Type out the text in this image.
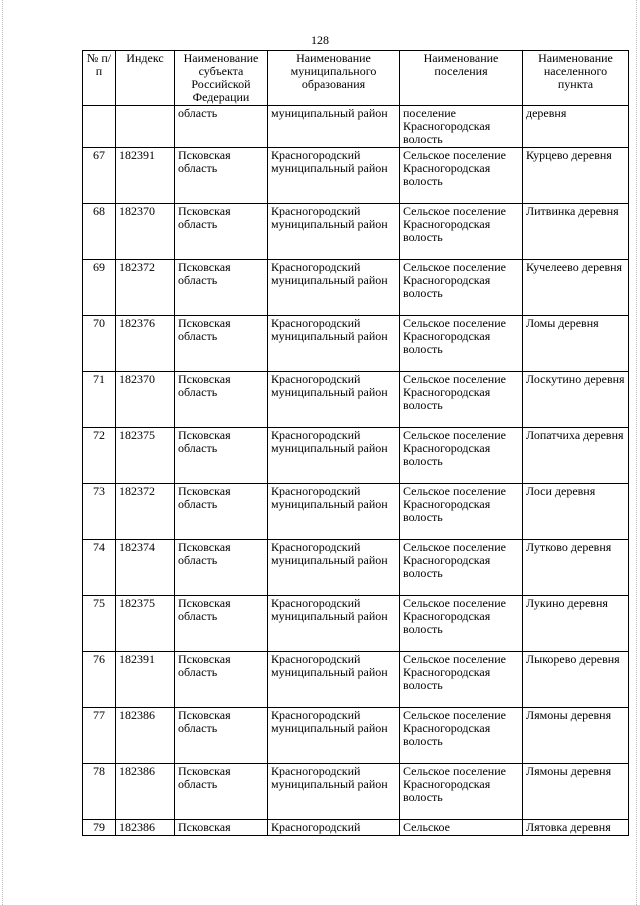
128
№ п/п	Индекс	Наименование субъекта Российской Федерации	Наименование муниципального образования	Наименование поселения	Наименование населенного пункта
		область	муниципальный район	поселение Красногородская волость	деревня
67	182391	Псковская область	Красногородский муниципальный район	Сельское поселение Красногородская волость	Курцево деревня
68	182370	Псковская область	Красногородский муниципальный район	Сельское поселение Красногородская волость	Литвинка деревня
69	182372	Псковская область	Красногородский муниципальный район	Сельское поселение Красногородская волость	Кучелеево деревня
70	182376	Псковская область	Красногородский муниципальный район	Сельское поселение Красногородская волость	Ломы деревня
71	182370	Псковская область	Красногородский муниципальный район	Сельское поселение Красногородская волость	Лоскутино деревня
72	182375	Псковская область	Красногородский муниципальный район	Сельское поселение Красногородская волость	Лопатчиха деревня
73	182372	Псковская область	Красногородский муниципальный район	Сельское поселение Красногородская волость	Лоси деревня
74	182374	Псковская область	Красногородский муниципальный район	Сельское поселение Красногородская волость	Лутково деревня
75	182375	Псковская область	Красногородский муниципальный район	Сельское поселение Красногородская волость	Лукино деревня
76	182391	Псковская область	Красногородский муниципальный район	Сельское поселение Красногородская волость	Лыкорево деревня
77	182386	Псковская область	Красногородский муниципальный район	Сельское поселение Красногородская волость	Лямоны деревня
78	182386	Псковская область	Красногородский муниципальный район	Сельское поселение Красногородская волость	Лямоны деревня
79	182386	Псковская	Красногородский	Сельское	Лятовка деревня
